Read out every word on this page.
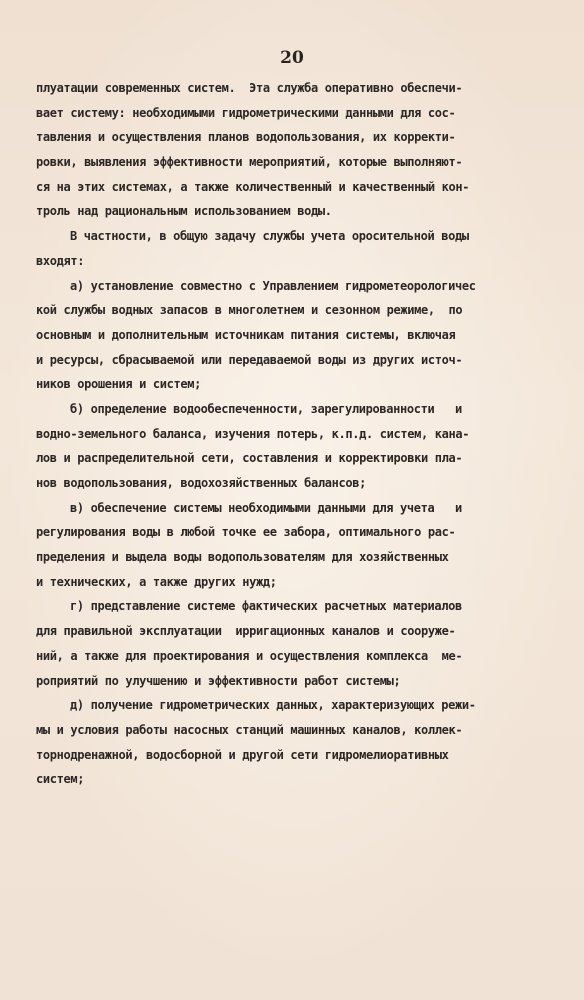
20
плуатации современных систем.  Эта служба оперативно обеспечи-
вает систему: необходимыми гидрометрическими данными для сос-
тавления и осуществления планов водопользования, их корректи-
ровки, выявления эффективности мероприятий, которые выполняют-
ся на этих системах, а также количественный и качественный кон-
троль над рациональным использованием воды.
В частности, в общую задачу службы учета оросительной воды
входят:
а) установление совместно с Управлением гидрометеорологичес
кой службы водных запасов в многолетнем и сезонном режиме,  по
основным и дополнительным источникам питания системы, включая
и ресурсы, сбрасываемой или передаваемой воды из других источ-
ников орошения и систем;
б) определение водообеспеченности, зарегулированности   и
водно-земельного баланса, изучения потерь, к.п.д. систем, кана-
лов и распределительной сети, составления и корректировки пла-
нов водопользования, водохозяйственных балансов;
в) обеспечение системы необходимыми данными для учета   и
регулирования воды в любой точке ее забора, оптимального рас-
пределения и выдела воды водопользователям для хозяйственных
и технических, а также других нужд;
г) представление системе фактических расчетных материалов
для правильной эксплуатации  ирригационных каналов и сооруже-
ний, а также для проектирования и осуществления комплекса  ме-
роприятий по улучшению и эффективности работ системы;
д) получение гидрометрических данных, характеризующих режи-
мы и условия работы насосных станций машинных каналов, коллек-
торнодренажной, водосборной и другой сети гидромелиоративных
систем;
